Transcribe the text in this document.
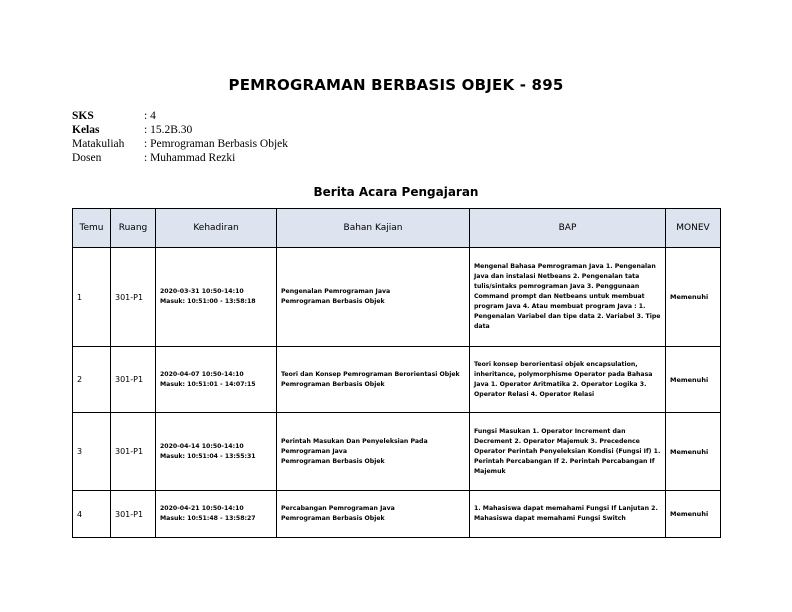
PEMROGRAMAN BERBASIS OBJEK - 895
SKS	: 4
Kelas	: 15.2B.30
Matakuliah	: Pemrograman Berbasis Objek
Dosen	: Muhammad Rezki
Berita Acara Pengajaran
Temu	Ruang	Kehadiran	Bahan Kajian	BAP	MONEV
1	301-P1	2020-03-31 10:50-14:10
Masuk: 10:51:00 - 13:58:18	Pengenalan Pemrograman Java
Pemrograman Berbasis Objek	Mengenal Bahasa Pemrograman Java 1. Pengenalan Java dan instalasi Netbeans 2. Pengenalan tata tulis/sintaks pemrograman Java 3. Penggunaan Command prompt dan Netbeans untuk membuat program Java 4. Atau membuat program Java : 1. Pengenalan Variabel dan tipe data 2. Variabel 3. Tipe data	Memenuhi
2	301-P1	2020-04-07 10:50-14:10
Masuk: 10:51:01 - 14:07:15	Teori dan Konsep Pemrograman Berorientasi Objek
Pemrograman Berbasis Objek	Teori konsep berorientasi objek encapsulation, inheritance, polymorphisme Operator pada Bahasa Java 1. Operator Aritmatika 2. Operator Logika 3. Operator Relasi 4. Operator Relasi	Memenuhi
3	301-P1	2020-04-14 10:50-14:10
Masuk: 10:51:04 - 13:55:31	Perintah Masukan Dan Penyeleksian Pada
Pemrograman Java
Pemrograman Berbasis Objek	Fungsi Masukan 1. Operator Increment dan Decrement 2. Operator Majemuk 3. Precedence Operator Perintah Penyeleksian Kondisi (Fungsi If) 1. Perintah Percabangan If 2. Perintah Percabangan If Majemuk	Memenuhi
4	301-P1	2020-04-21 10:50-14:10
Masuk: 10:51:48 - 13:58:27	Percabangan Pemrograman Java
Pemrograman Berbasis Objek	1. Mahasiswa dapat memahami Fungsi If Lanjutan 2. Mahasiswa dapat memahami Fungsi Switch	Memenuhi
